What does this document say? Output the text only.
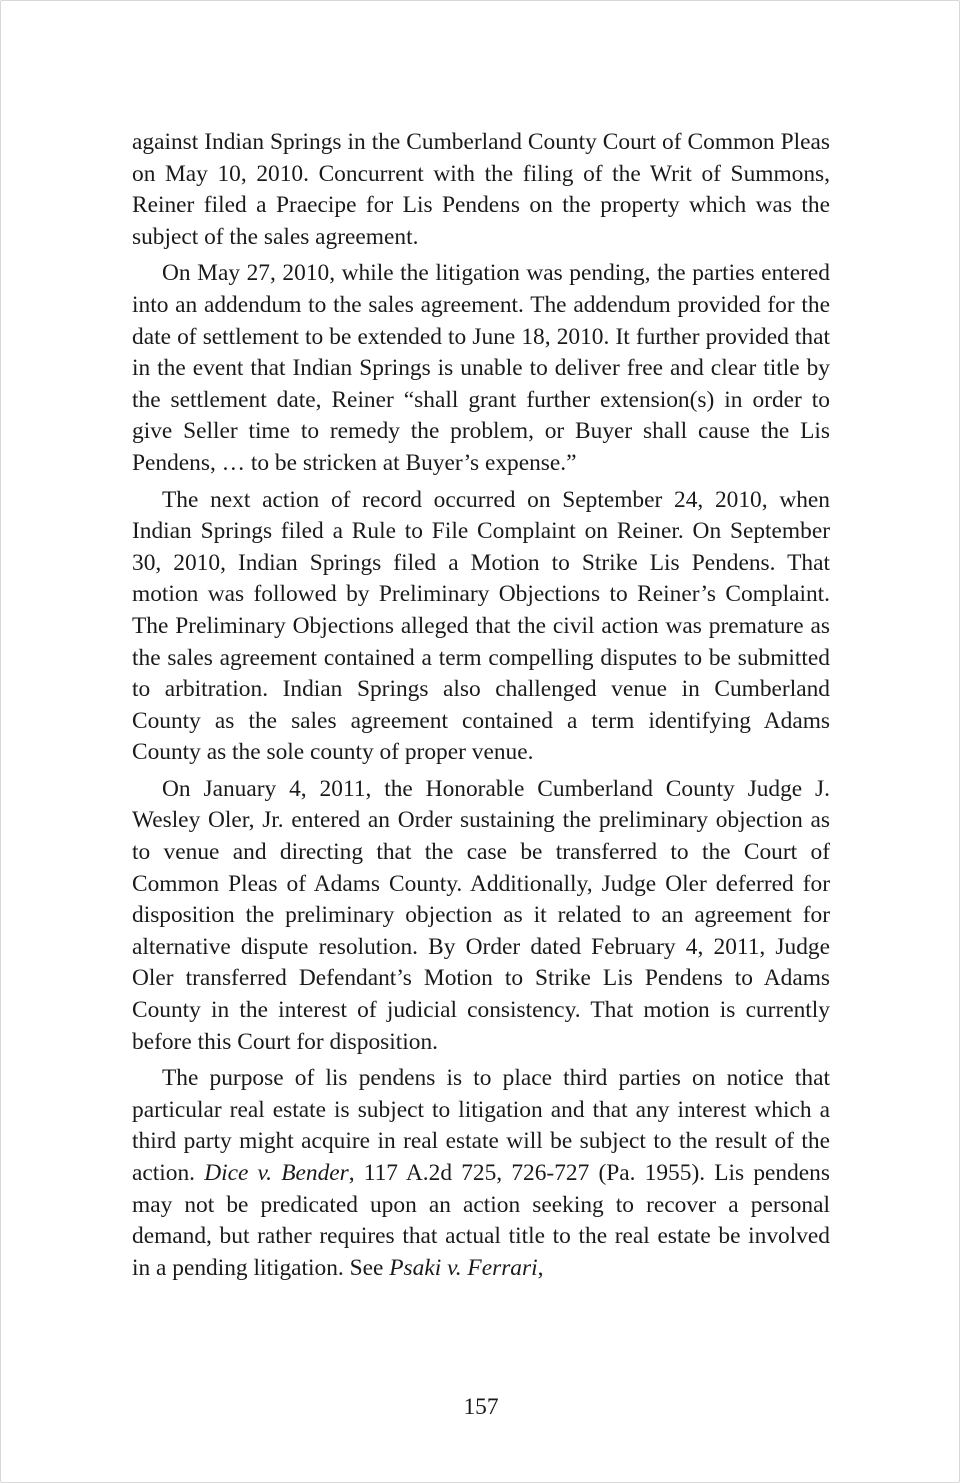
against Indian Springs in the Cumberland County Court of Common Pleas on May 10, 2010. Concurrent with the filing of the Writ of Summons, Reiner filed a Praecipe for Lis Pendens on the property which was the subject of the sales agreement.

On May 27, 2010, while the litigation was pending, the parties entered into an addendum to the sales agreement. The addendum provided for the date of settlement to be extended to June 18, 2010. It further provided that in the event that Indian Springs is unable to deliver free and clear title by the settlement date, Reiner “shall grant further extension(s) in order to give Seller time to remedy the problem, or Buyer shall cause the Lis Pendens, … to be stricken at Buyer’s expense.”

The next action of record occurred on September 24, 2010, when Indian Springs filed a Rule to File Complaint on Reiner. On September 30, 2010, Indian Springs filed a Motion to Strike Lis Pendens. That motion was followed by Preliminary Objections to Reiner’s Complaint. The Preliminary Objections alleged that the civil action was premature as the sales agreement contained a term compelling disputes to be submitted to arbitration. Indian Springs also challenged venue in Cumberland County as the sales agreement contained a term identifying Adams County as the sole county of proper venue.

On January 4, 2011, the Honorable Cumberland County Judge J. Wesley Oler, Jr. entered an Order sustaining the preliminary objection as to venue and directing that the case be transferred to the Court of Common Pleas of Adams County. Additionally, Judge Oler deferred for disposition the preliminary objection as it related to an agreement for alternative dispute resolution. By Order dated February 4, 2011, Judge Oler transferred Defendant’s Motion to Strike Lis Pendens to Adams County in the interest of judicial consistency. That motion is currently before this Court for disposition.

The purpose of lis pendens is to place third parties on notice that particular real estate is subject to litigation and that any interest which a third party might acquire in real estate will be subject to the result of the action. Dice v. Bender, 117 A.2d 725, 726-727 (Pa. 1955). Lis pendens may not be predicated upon an action seeking to recover a personal demand, but rather requires that actual title to the real estate be involved in a pending litigation. See Psaki v. Ferrari,

157
